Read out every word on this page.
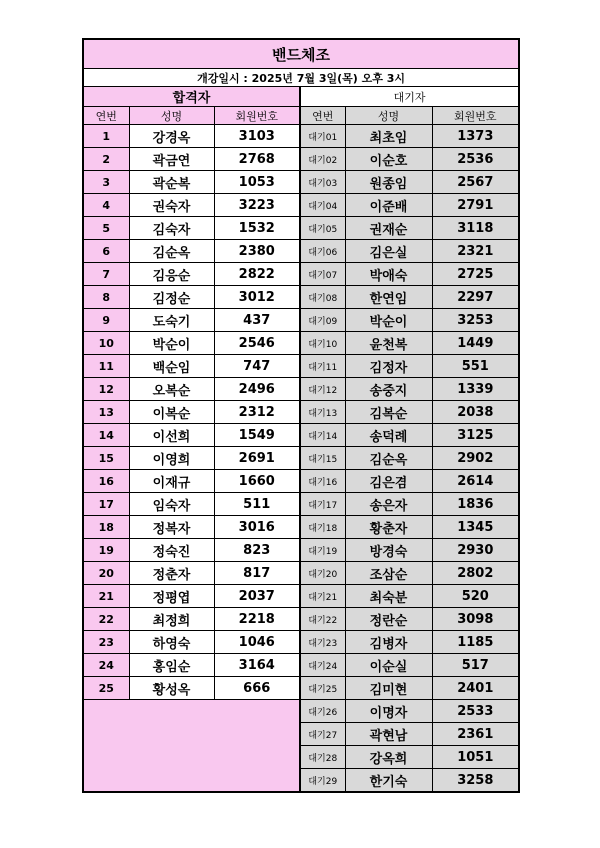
밴드체조					
개강일시 : 2025년 7월 3일(목) 오후 3시					
합격자			대기자		
연번	성명	회원번호	연번	성명	회원번호
1	강경옥	3103	대기01	최초임	1373
2	곽금연	2768	대기02	이순호	2536
3	곽순복	1053	대기03	원종임	2567
4	권숙자	3223	대기04	이준배	2791
5	김숙자	1532	대기05	권재순	3118
6	김순옥	2380	대기06	김은실	2321
7	김응순	2822	대기07	박애숙	2725
8	김정순	3012	대기08	한연임	2297
9	도숙기	437	대기09	박순이	3253
10	박순이	2546	대기10	윤천복	1449
11	백순임	747	대기11	김정자	551
12	오복순	2496	대기12	송중지	1339
13	이복순	2312	대기13	김복순	2038
14	이선희	1549	대기14	송덕례	3125
15	이영희	2691	대기15	김순옥	2902
16	이재규	1660	대기16	김은겸	2614
17	임숙자	511	대기17	송은자	1836
18	정복자	3016	대기18	황춘자	1345
19	정숙진	823	대기19	방경숙	2930
20	정춘자	817	대기20	조삼순	2802
21	정평엽	2037	대기21	최숙분	520
22	최정희	2218	대기22	정란순	3098
23	하영숙	1046	대기23	김병자	1185
24	홍임순	3164	대기24	이순실	517
25	황성옥	666	대기25	김미현	2401
			대기26	이명자	2533
			대기27	곽현남	2361
			대기28	강옥희	1051
			대기29	한기숙	3258
